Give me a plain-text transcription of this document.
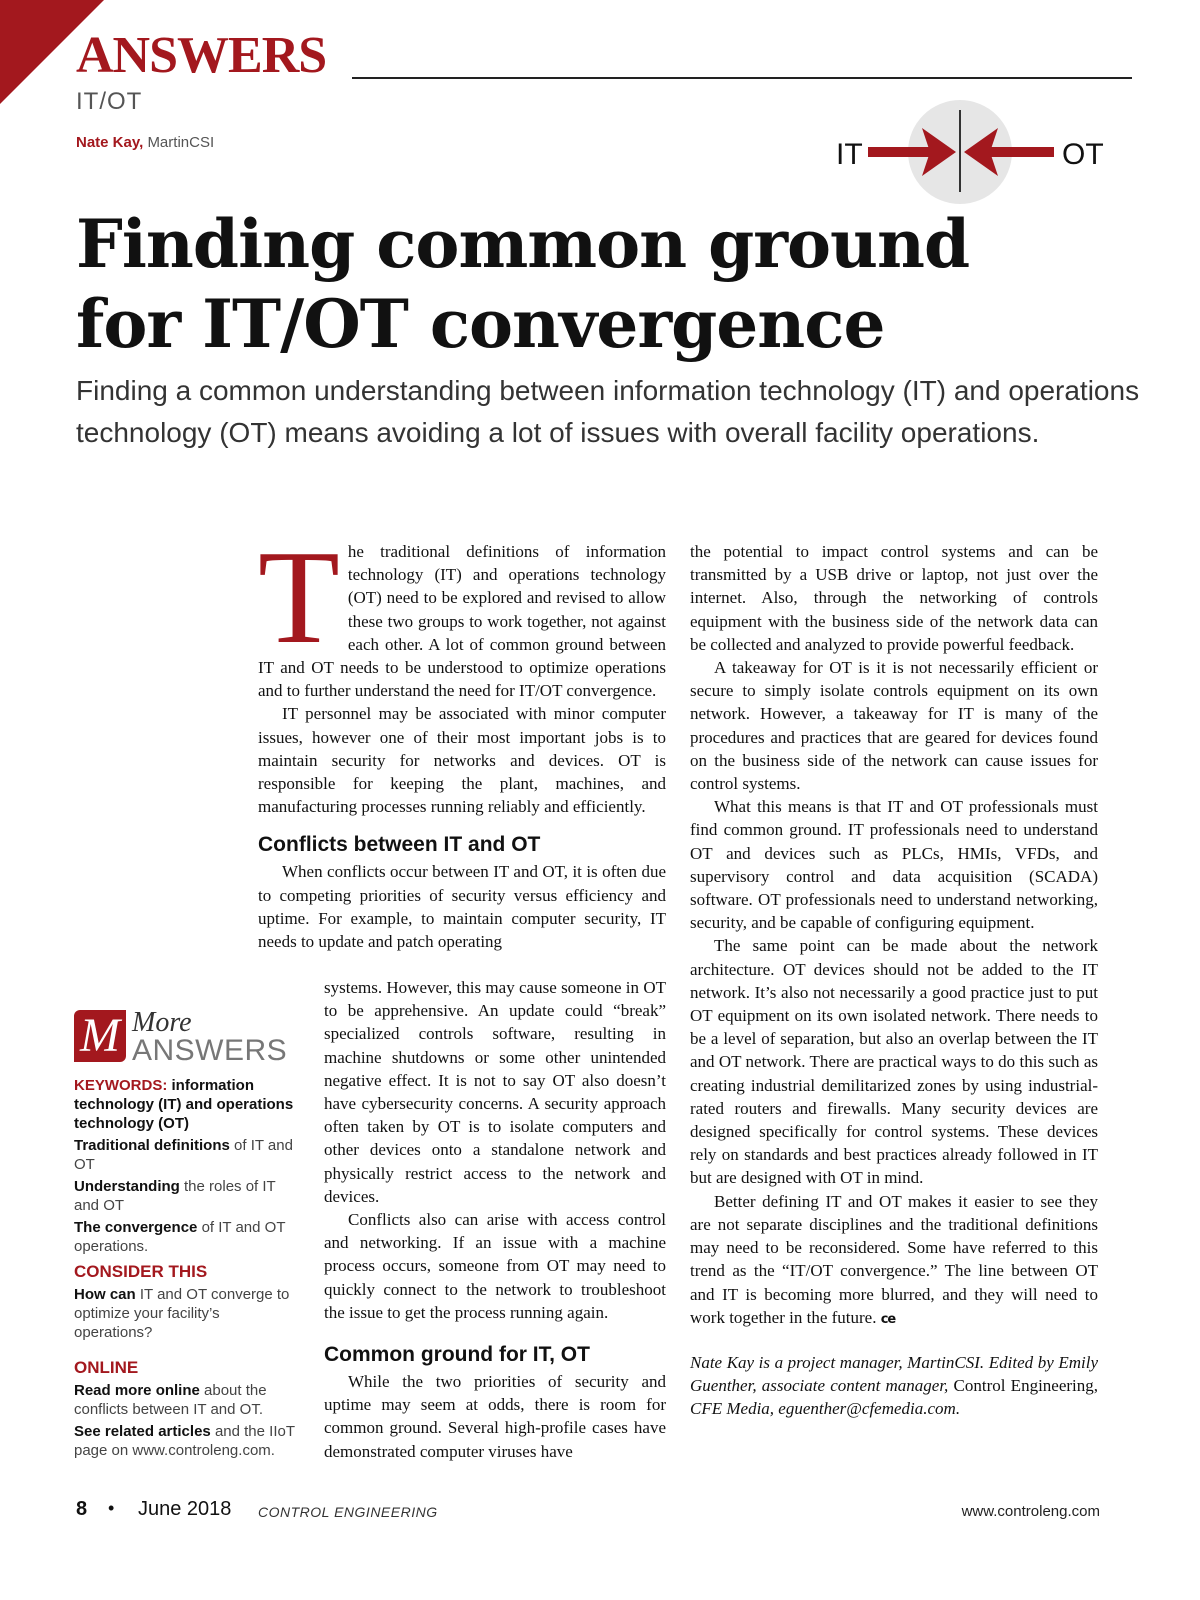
ANSWERS
IT/OT
Nate Kay, MartinCSI	IT	OT
Finding common ground
for IT/OT convergence
Finding a common understanding between information technology (IT) and operations technology (OT) means avoiding a lot of issues with overall facility operations.

The traditional definitions of information technology (IT) and operations technology (OT) need to be explored and revised to allow these two groups to work together, not against each other. A lot of common ground between IT and OT needs to be understood to optimize operations and to further understand the need for IT/OT convergence.

IT personnel may be associated with minor computer issues, however one of their most important jobs is to maintain security for networks and devices. OT is responsible for keeping the plant, machines, and manufacturing processes running reliably and efficiently.

Conflicts between IT and OT

When conflicts occur between IT and OT, it is often due to competing priorities of security versus efficiency and uptime. For example, to maintain computer security, IT needs to update and patch operating

systems. However, this may cause someone in OT to be apprehensive. An update could “break” specialized controls software, resulting in machine shutdowns or some other unintended negative effect. It is not to say OT also doesn’t have cybersecurity concerns. A security approach often taken by OT is to isolate computers and other devices onto a standalone network and physically restrict access to the network and devices.

Conflicts also can arise with access control and networking. If an issue with a machine process occurs, someone from OT may need to quickly connect to the network to troubleshoot the issue to get the process running again.

Common ground for IT, OT

While the two priorities of security and uptime may seem at odds, there is room for common ground. Several high-profile cases have demonstrated computer viruses have

the potential to impact control systems and can be transmitted by a USB drive or laptop, not just over the internet. Also, through the networking of controls equipment with the business side of the network data can be collected and analyzed to provide powerful feedback.

A takeaway for OT is it is not necessarily efficient or secure to simply isolate controls equipment on its own network. However, a takeaway for IT is many of the procedures and practices that are geared for devices found on the business side of the network can cause issues for control systems.

What this means is that IT and OT professionals must find common ground. IT professionals need to understand OT and devices such as PLCs, HMIs, VFDs, and supervisory control and data acquisition (SCADA) software. OT professionals need to understand networking, security, and be capable of configuring equipment.

The same point can be made about the network architecture. OT devices should not be added to the IT network. It’s also not necessarily a good practice just to put OT equipment on its own isolated network. There needs to be a level of separation, but also an overlap between the IT and OT network. There are practical ways to do this such as creating industrial demilitarized zones by using industrial-rated routers and firewalls. Many security devices are designed specifically for control systems. These devices rely on standards and best practices already followed in IT but are designed with OT in mind.

Better defining IT and OT makes it easier to see they are not separate disciplines and the traditional definitions may need to be reconsidered. Some have referred to this trend as the “IT/OT convergence.” The line between OT and IT is becoming more blurred, and they will need to work together in the future. ce

Nate Kay is a project manager, MartinCSI. Edited by Emily Guenther, associate content manager, Control Engineering, CFE Media, eguenther@cfemedia.com.

M More
ANSWERS
KEYWORDS: information technology (IT) and operations technology (OT)
Traditional definitions of IT and OT
Understanding the roles of IT and OT
The convergence of IT and OT operations.
CONSIDER THIS
How can IT and OT converge to optimize your facility’s operations?
ONLINE
Read more online about the conflicts between IT and OT.
See related articles and the IIoT page on www.controleng.com.
8 • June 2018 CONTROL ENGINEERING	www.controleng.com
